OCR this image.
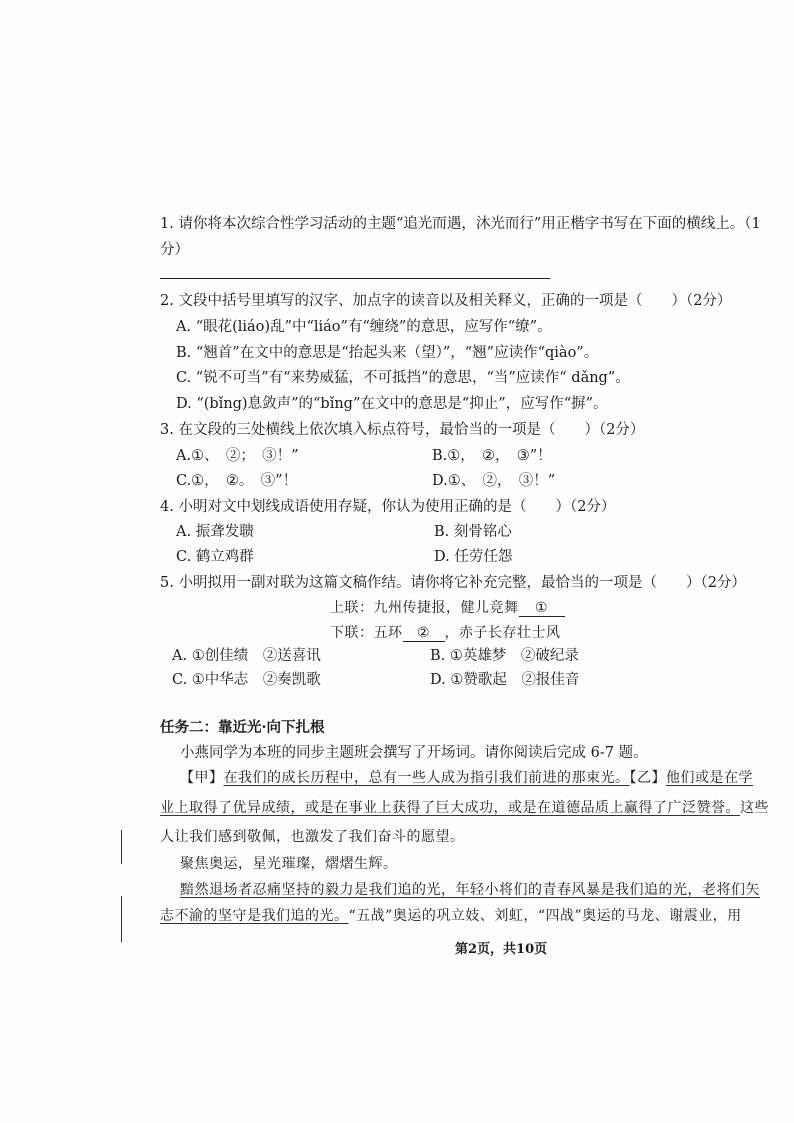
1. 请你将本次综合性学习活动的主题“追光而遇，沐光而行”用正楷字书写在下面的横线上。（1
分）
2. 文段中括号里填写的汉字、加点字的读音以及相关释义，正确的一项是（　　）（2分）
A. “眼花(liáo)乱”中“liáo”有“缠绕”的意思，应写作“缭”。
B. “翘首”在文中的意思是“抬起头来（望）”，“翘”应读作“qiào”。
C. “锐不可当”有“来势威猛，不可抵挡”的意思，“当”应读作“ dǎng”。
D. “(bǐng)息敛声”的“bǐng”在文中的意思是“抑止”，应写作“摒”。
3. 在文段的三处横线上依次填入标点符号，最恰当的一项是（　　）（2分）
A.①、　②；　③！”	B.①，　②，　③”！
C.①，　②。　③”！	D.①、　②，　③！”
4. 小明对文中划线成语使用存疑，你认为使用正确的是（　　）（2分）
A. 振聋发聩	B. 刻骨铭心
C. 鹤立鸡群	D. 任劳任怨
5. 小明拟用一副对联为这篇文稿作结。请你将它补充完整，最恰当的一项是（　　）（2分）
上联：九州传捷报，健儿竞舞 ①
下联：五环 ② ，赤子长存壮士风
A. ①创佳绩　②送喜讯	B. ①英雄梦　②破纪录
C. ①中华志　②奏凯歌	D. ①赞歌起　②报佳音
任务二：靠近光·向下扎根
小燕同学为本班的同步主题班会撰写了开场词。请你阅读后完成 6-7 题。
【甲】在我们的成长历程中，总有一些人成为指引我们前进的那束光。【乙】他们或是在学
业上取得了优异成绩，或是在事业上获得了巨大成功，或是在道德品质上赢得了广泛赞誉。这些
人让我们感到敬佩，也激发了我们奋斗的愿望。
聚焦奥运，星光璀璨，熠熠生辉。
黯然退场者忍痛坚持的毅力是我们追的光，年轻小将们的青春风暴是我们追的光，老将们矢
志不渝的坚守是我们追的光。“五战”奥运的巩立妓、刘虹，“四战”奥运的马龙、谢震业，用
第2页，共10页
